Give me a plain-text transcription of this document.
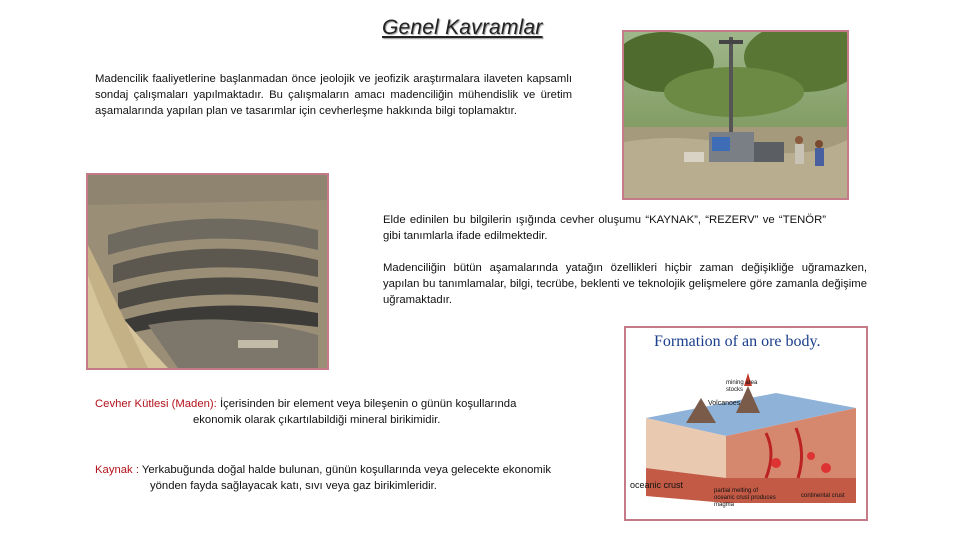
Genel Kavramlar
Madencilik faaliyetlerine başlanmadan önce jeolojik ve jeofizik araştırmalara ilaveten kapsamlı sondaj çalışmaları yapılmaktadır. Bu çalışmaların amacı madenciliğin mühendislik ve üretim aşamalarında yapılan plan ve tasarımlar için cevherleşme hakkında bilgi toplamaktır.
Elde edinilen bu bilgilerin ışığında cevher oluşumu “KAYNAK”, “REZERV” ve “TENÖR” gibi tanımlarla ifade edilmektedir.
Madenciliğin bütün aşamalarında yatağın özellikleri hiçbir zaman değişikliğe uğramazken, yapılan bu tanımlamalar, bilgi, tecrübe, beklenti ve teknolojik gelişmelere göre zamanla değişime uğramaktadır.
Formation of an ore body.
mining area stocks
Volcanoes
oceanic crust
partial melting of oceanic crust produces magma
continental crust
Cevher Kütlesi (Maden): İçerisinden bir element veya bileşenin o günün koşullarında
ekonomik olarak çıkartılabildiği mineral birikimidir.
Kaynak : Yerkabuğunda doğal halde bulunan, günün koşullarında veya gelecekte ekonomik
yönden fayda sağlayacak katı, sıvı veya gaz birikimleridir.
